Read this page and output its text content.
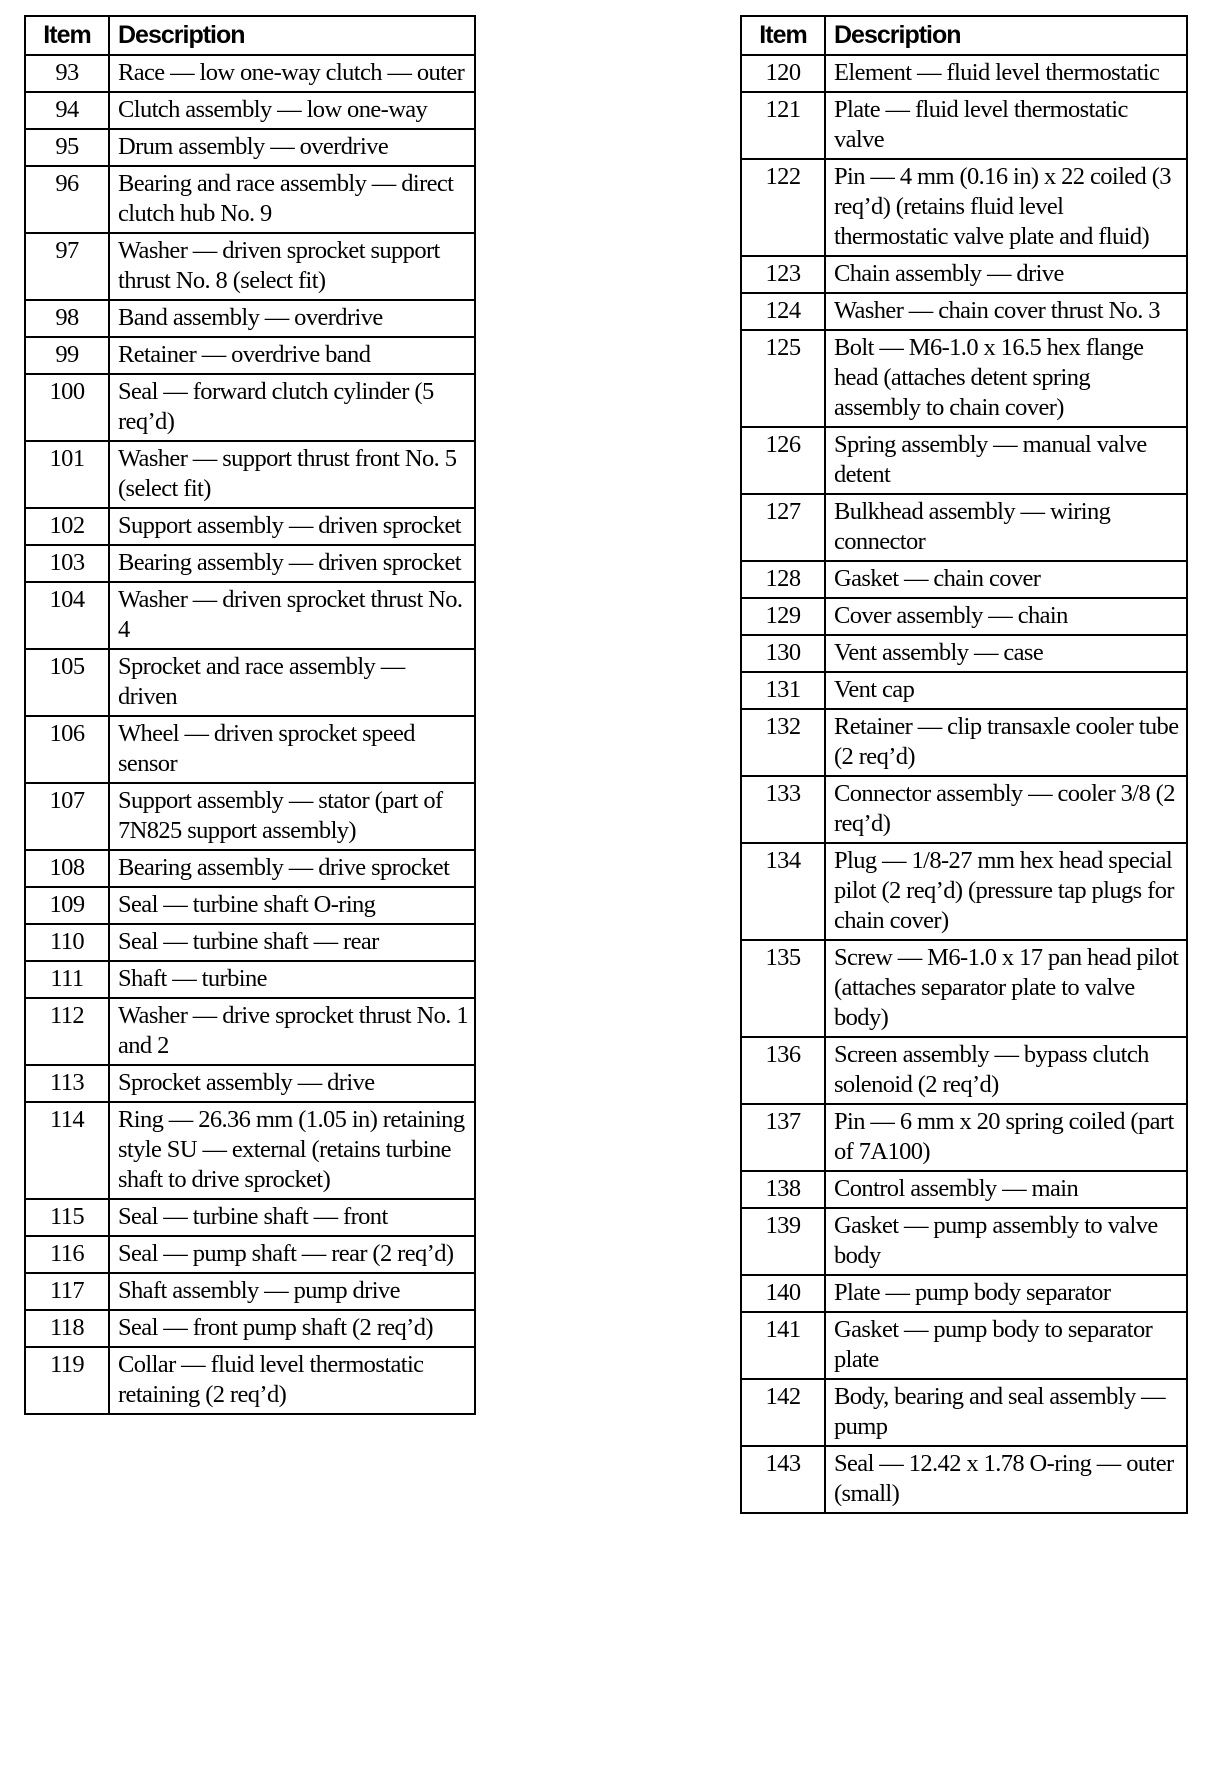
Item	Description
93	Race — low one-way clutch — outer
94	Clutch assembly — low one-way
95	Drum assembly — overdrive
96	Bearing and race assembly — direct clutch hub No. 9
97	Washer — driven sprocket support thrust No. 8 (select fit)
98	Band assembly — overdrive
99	Retainer — overdrive band
100	Seal — forward clutch cylinder (5 req’d)
101	Washer — support thrust front No. 5 (select fit)
102	Support assembly — driven sprocket
103	Bearing assembly — driven sprocket
104	Washer — driven sprocket thrust No. 4
105	Sprocket and race assembly — driven
106	Wheel — driven sprocket speed sensor
107	Support assembly — stator (part of 7N825 support assembly)
108	Bearing assembly — drive sprocket
109	Seal — turbine shaft O-ring
110	Seal — turbine shaft — rear
111	Shaft — turbine
112	Washer — drive sprocket thrust No. 1 and 2
113	Sprocket assembly — drive
114	Ring — 26.36 mm (1.05 in) retaining style SU — external (retains turbine shaft to drive sprocket)
115	Seal — turbine shaft — front
116	Seal — pump shaft — rear (2 req’d)
117	Shaft assembly — pump drive
118	Seal — front pump shaft (2 req’d)
119	Collar — fluid level thermostatic retaining (2 req’d)
Item	Description
120	Element — fluid level thermostatic
121	Plate — fluid level thermostatic valve
122	Pin — 4 mm (0.16 in) x 22 coiled (3 req’d) (retains fluid level thermostatic valve plate and fluid)
123	Chain assembly — drive
124	Washer — chain cover thrust No. 3
125	Bolt — M6-1.0 x 16.5 hex flange head (attaches detent spring assembly to chain cover)
126	Spring assembly — manual valve detent
127	Bulkhead assembly — wiring connector
128	Gasket — chain cover
129	Cover assembly — chain
130	Vent assembly — case
131	Vent cap
132	Retainer — clip transaxle cooler tube (2 req’d)
133	Connector assembly — cooler 3/8 (2 req’d)
134	Plug — 1/8-27 mm hex head special pilot (2 req’d) (pressure tap plugs for chain cover)
135	Screw — M6-1.0 x 17 pan head pilot (attaches separator plate to valve body)
136	Screen assembly — bypass clutch solenoid (2 req’d)
137	Pin — 6 mm x 20 spring coiled (part of 7A100)
138	Control assembly — main
139	Gasket — pump assembly to valve body
140	Plate — pump body separator
141	Gasket — pump body to separator plate
142	Body, bearing and seal assembly — pump
143	Seal — 12.42 x 1.78 O-ring — outer (small)
